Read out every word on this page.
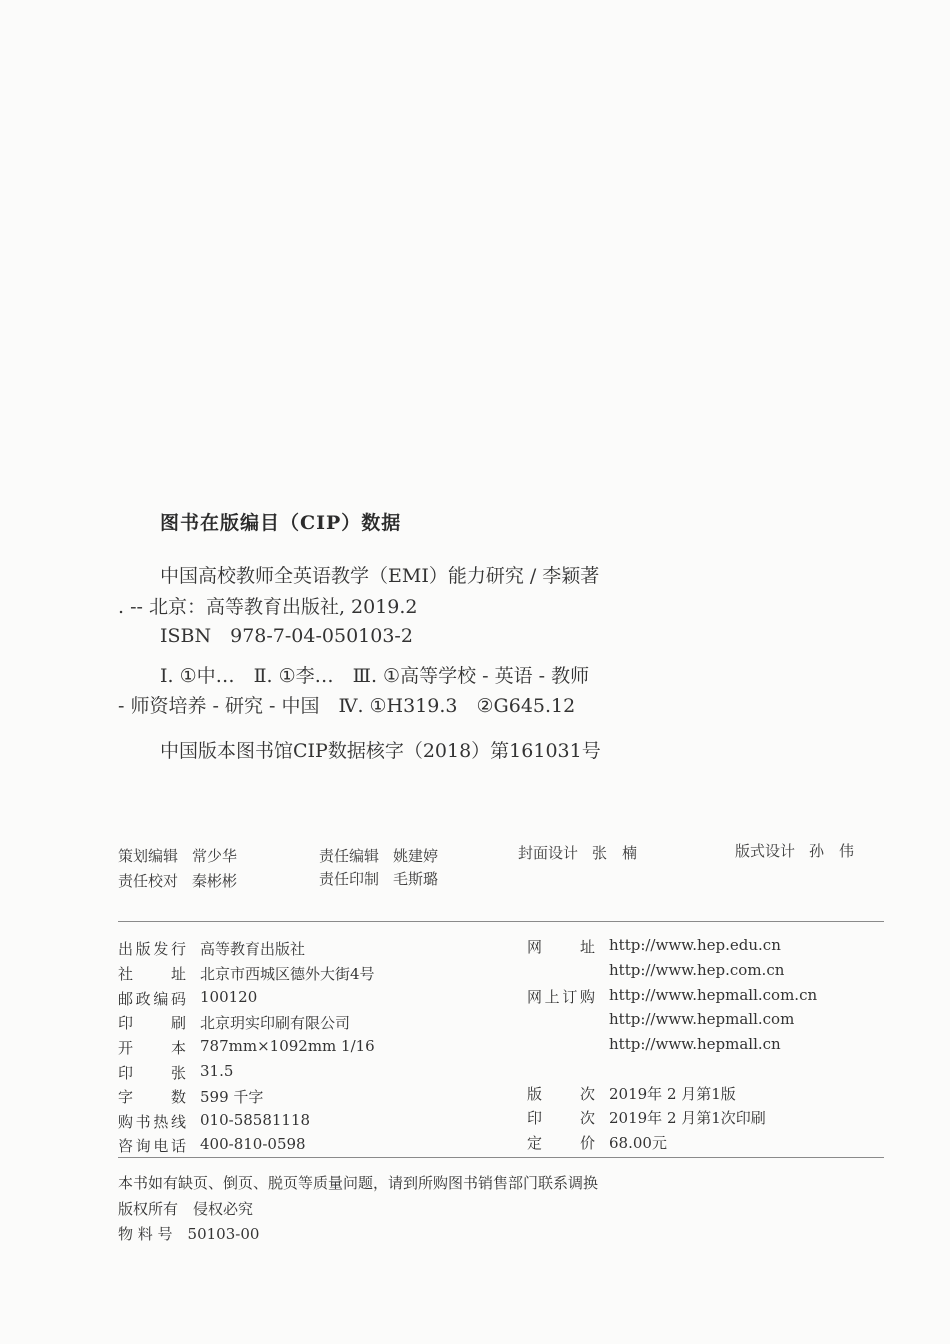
图书在版编目（CIP）数据
中国高校教师全英语教学（EMI）能力研究 / 李颖著
. -- 北京：高等教育出版社, 2019.2
ISBN　978-7-04-050103-2
Ⅰ. ①中…　Ⅱ. ①李…　Ⅲ. ①高等学校 - 英语 - 教师
- 师资培养 - 研究 - 中国　Ⅳ. ①H319.3　②G645.12
中国版本图书馆CIP数据核字（2018）第161031号
策划编辑 常少华	责任编辑 姚建婷	封面设计 张　楠	版式设计 孙　伟
责任校对 秦彬彬	责任印制 毛斯璐
出版发行 高等教育出版社
社　　址 北京市西城区德外大街4号
邮政编码 100120
印　　刷 北京玥实印刷有限公司
开　　本 787mm×1092mm 1/16
印　　张 31.5
字　　数 599 千字
购书热线 010-58581118
咨询电话 400-810-0598
网　　址 http://www.hep.edu.cn
http://www.hep.com.cn
网上订购 http://www.hepmall.com.cn
http://www.hepmall.com
http://www.hepmall.cn
版　　次 2019年 2 月第1版
印　　次 2019年 2 月第1次印刷
定　　价 68.00元
本书如有缺页、倒页、脱页等质量问题，请到所购图书销售部门联系调换
版权所有　侵权必究
物 料 号　50103-00
